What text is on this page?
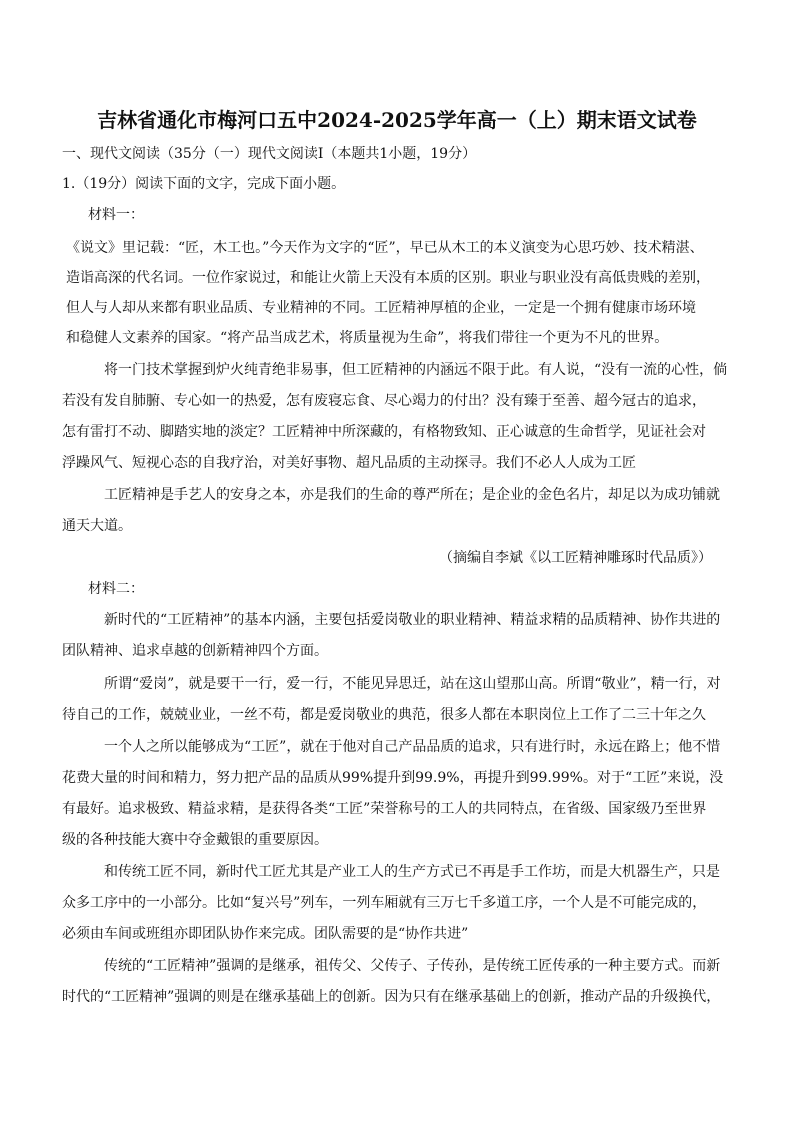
吉林省通化市梅河口五中2024-2025学年高一（上）期末语文试卷
一、现代文阅读（35分（一）现代文阅读Ⅰ（本题共1小题，19分）
1.（19分）阅读下面的文字，完成下面小题。
材料一：
《说文》里记载：“匠，木工也。”今天作为文字的“匠”，早已从木工的本义演变为心思巧妙、技术精湛、
造诣高深的代名词。一位作家说过，和能让火箭上天没有本质的区别。职业与职业没有高低贵贱的差别，
但人与人却从来都有职业品质、专业精神的不同。工匠精神厚植的企业，一定是一个拥有健康市场环境
和稳健人文素养的国家。“将产品当成艺术，将质量视为生命”，将我们带往一个更为不凡的世界。
将一门技术掌握到炉火纯青绝非易事，但工匠精神的内涵远不限于此。有人说，“没有一流的心性，倘
若没有发自肺腑、专心如一的热爱，怎有废寝忘食、尽心竭力的付出？没有臻于至善、超今冠古的追求，
怎有雷打不动、脚踏实地的淡定？工匠精神中所深藏的，有格物致知、正心诚意的生命哲学，见证社会对
浮躁风气、短视心态的自我疗治，对美好事物、超凡品质的主动探寻。我们不必人人成为工匠
工匠精神是手艺人的安身之本，亦是我们的生命的尊严所在；是企业的金色名片，却足以为成功铺就
通天大道。
（摘编自李斌《以工匠精神雕琢时代品质》）
材料二：
新时代的“工匠精神”的基本内涵，主要包括爱岗敬业的职业精神、精益求精的品质精神、协作共进的
团队精神、追求卓越的创新精神四个方面。
所谓“爱岗”，就是要干一行，爱一行，不能见异思迁，站在这山望那山高。所谓“敬业”，精一行，对
待自己的工作，兢兢业业，一丝不苟，都是爱岗敬业的典范，很多人都在本职岗位上工作了二三十年之久
一个人之所以能够成为“工匠”，就在于他对自己产品品质的追求，只有进行时，永远在路上；他不惜
花费大量的时间和精力，努力把产品的品质从99%提升到99.9%，再提升到99.99%。对于“工匠”来说，没
有最好。追求极致、精益求精，是获得各类“工匠”荣誉称号的工人的共同特点，在省级、国家级乃至世界
级的各种技能大赛中夺金戴银的重要原因。
和传统工匠不同，新时代工匠尤其是产业工人的生产方式已不再是手工作坊，而是大机器生产，只是
众多工序中的一小部分。比如“复兴号”列车，一列车厢就有三万七千多道工序，一个人是不可能完成的，
必须由车间或班组亦即团队协作来完成。团队需要的是“协作共进”
传统的“工匠精神”强调的是继承，祖传父、父传子、子传孙，是传统工匠传承的一种主要方式。而新
时代的“工匠精神”强调的则是在继承基础上的创新。因为只有在继承基础上的创新，推动产品的升级换代，
